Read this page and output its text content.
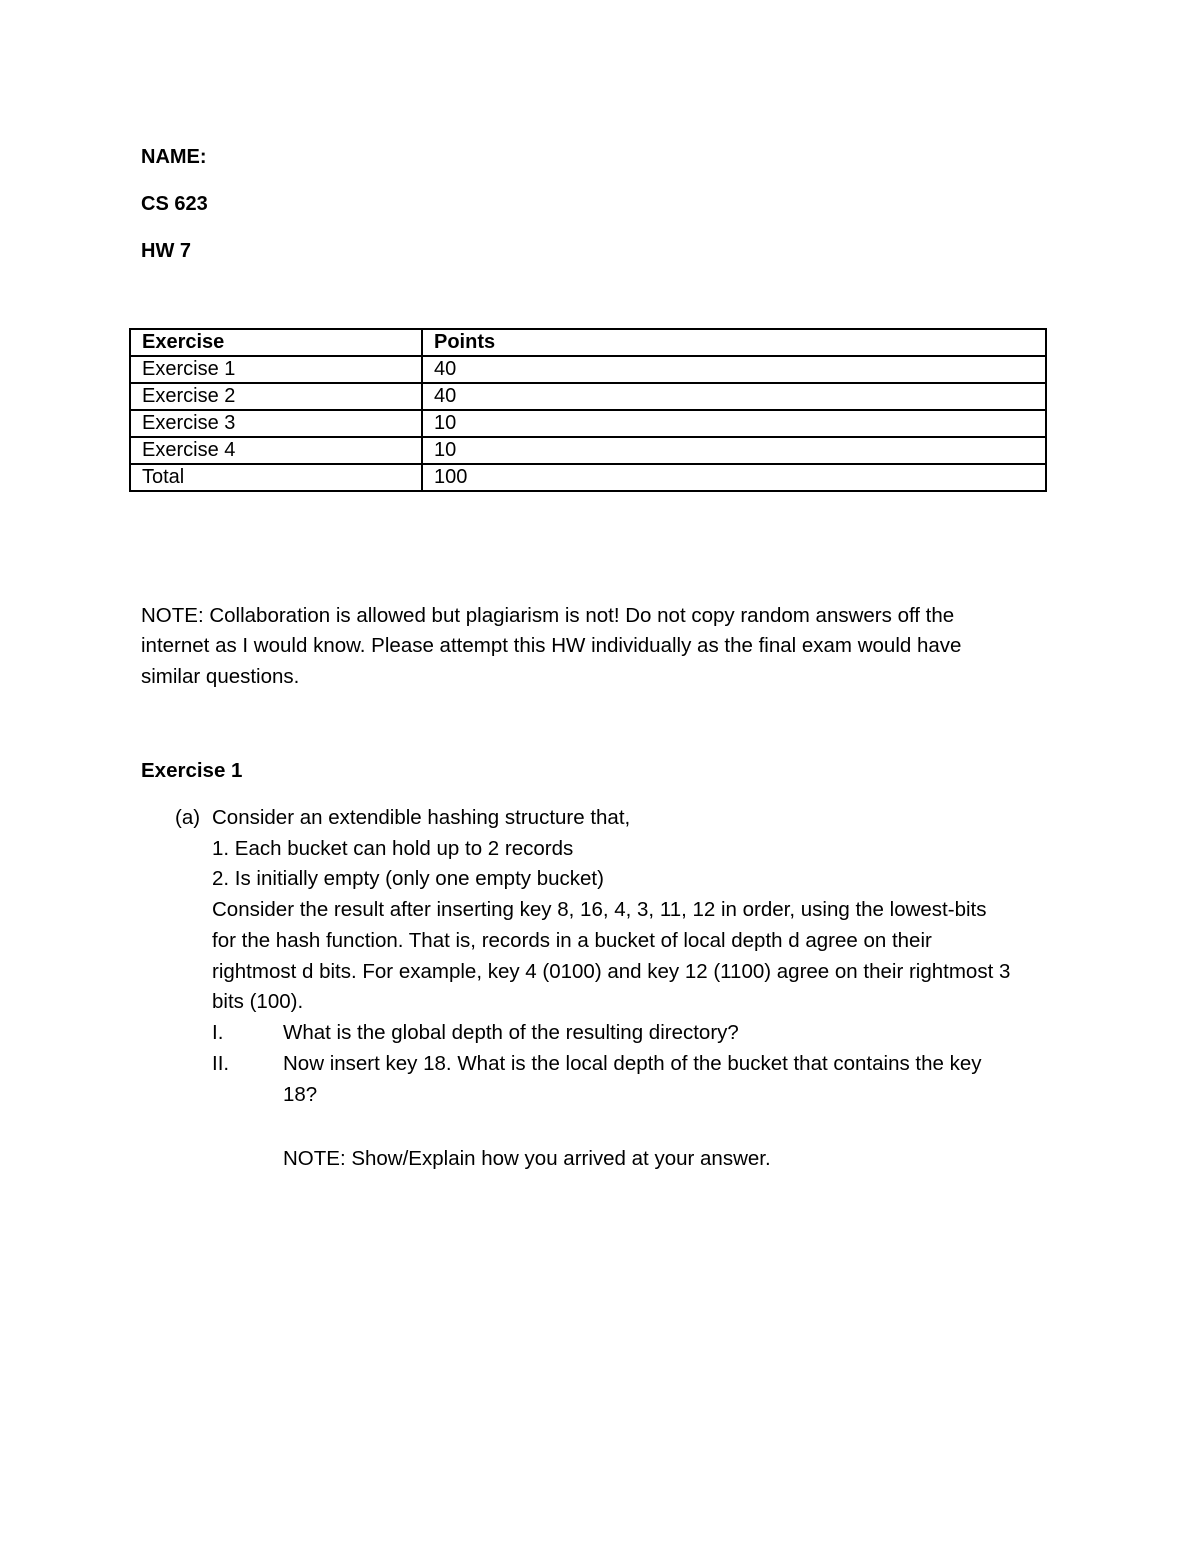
NAME:
CS 623
HW 7
Exercise	Points
Exercise 1	40
Exercise 2	40
Exercise 3	10
Exercise 4	10
Total	100
NOTE: Collaboration is allowed but plagiarism is not! Do not copy random answers off the
internet as I would know. Please attempt this HW individually as the final exam would have
similar questions.
Exercise 1
(a) Consider an extendible hashing structure that,
1. Each bucket can hold up to 2 records
2. Is initially empty (only one empty bucket)
Consider the result after inserting key 8, 16, 4, 3, 11, 12 in order, using the lowest-bits
for the hash function. That is, records in a bucket of local depth d agree on their
rightmost d bits. For example, key 4 (0100) and key 12 (1100) agree on their rightmost 3
bits (100).
I.	What is the global depth of the resulting directory?
II.	Now insert key 18. What is the local depth of the bucket that contains the key
18?
NOTE: Show/Explain how you arrived at your answer.
